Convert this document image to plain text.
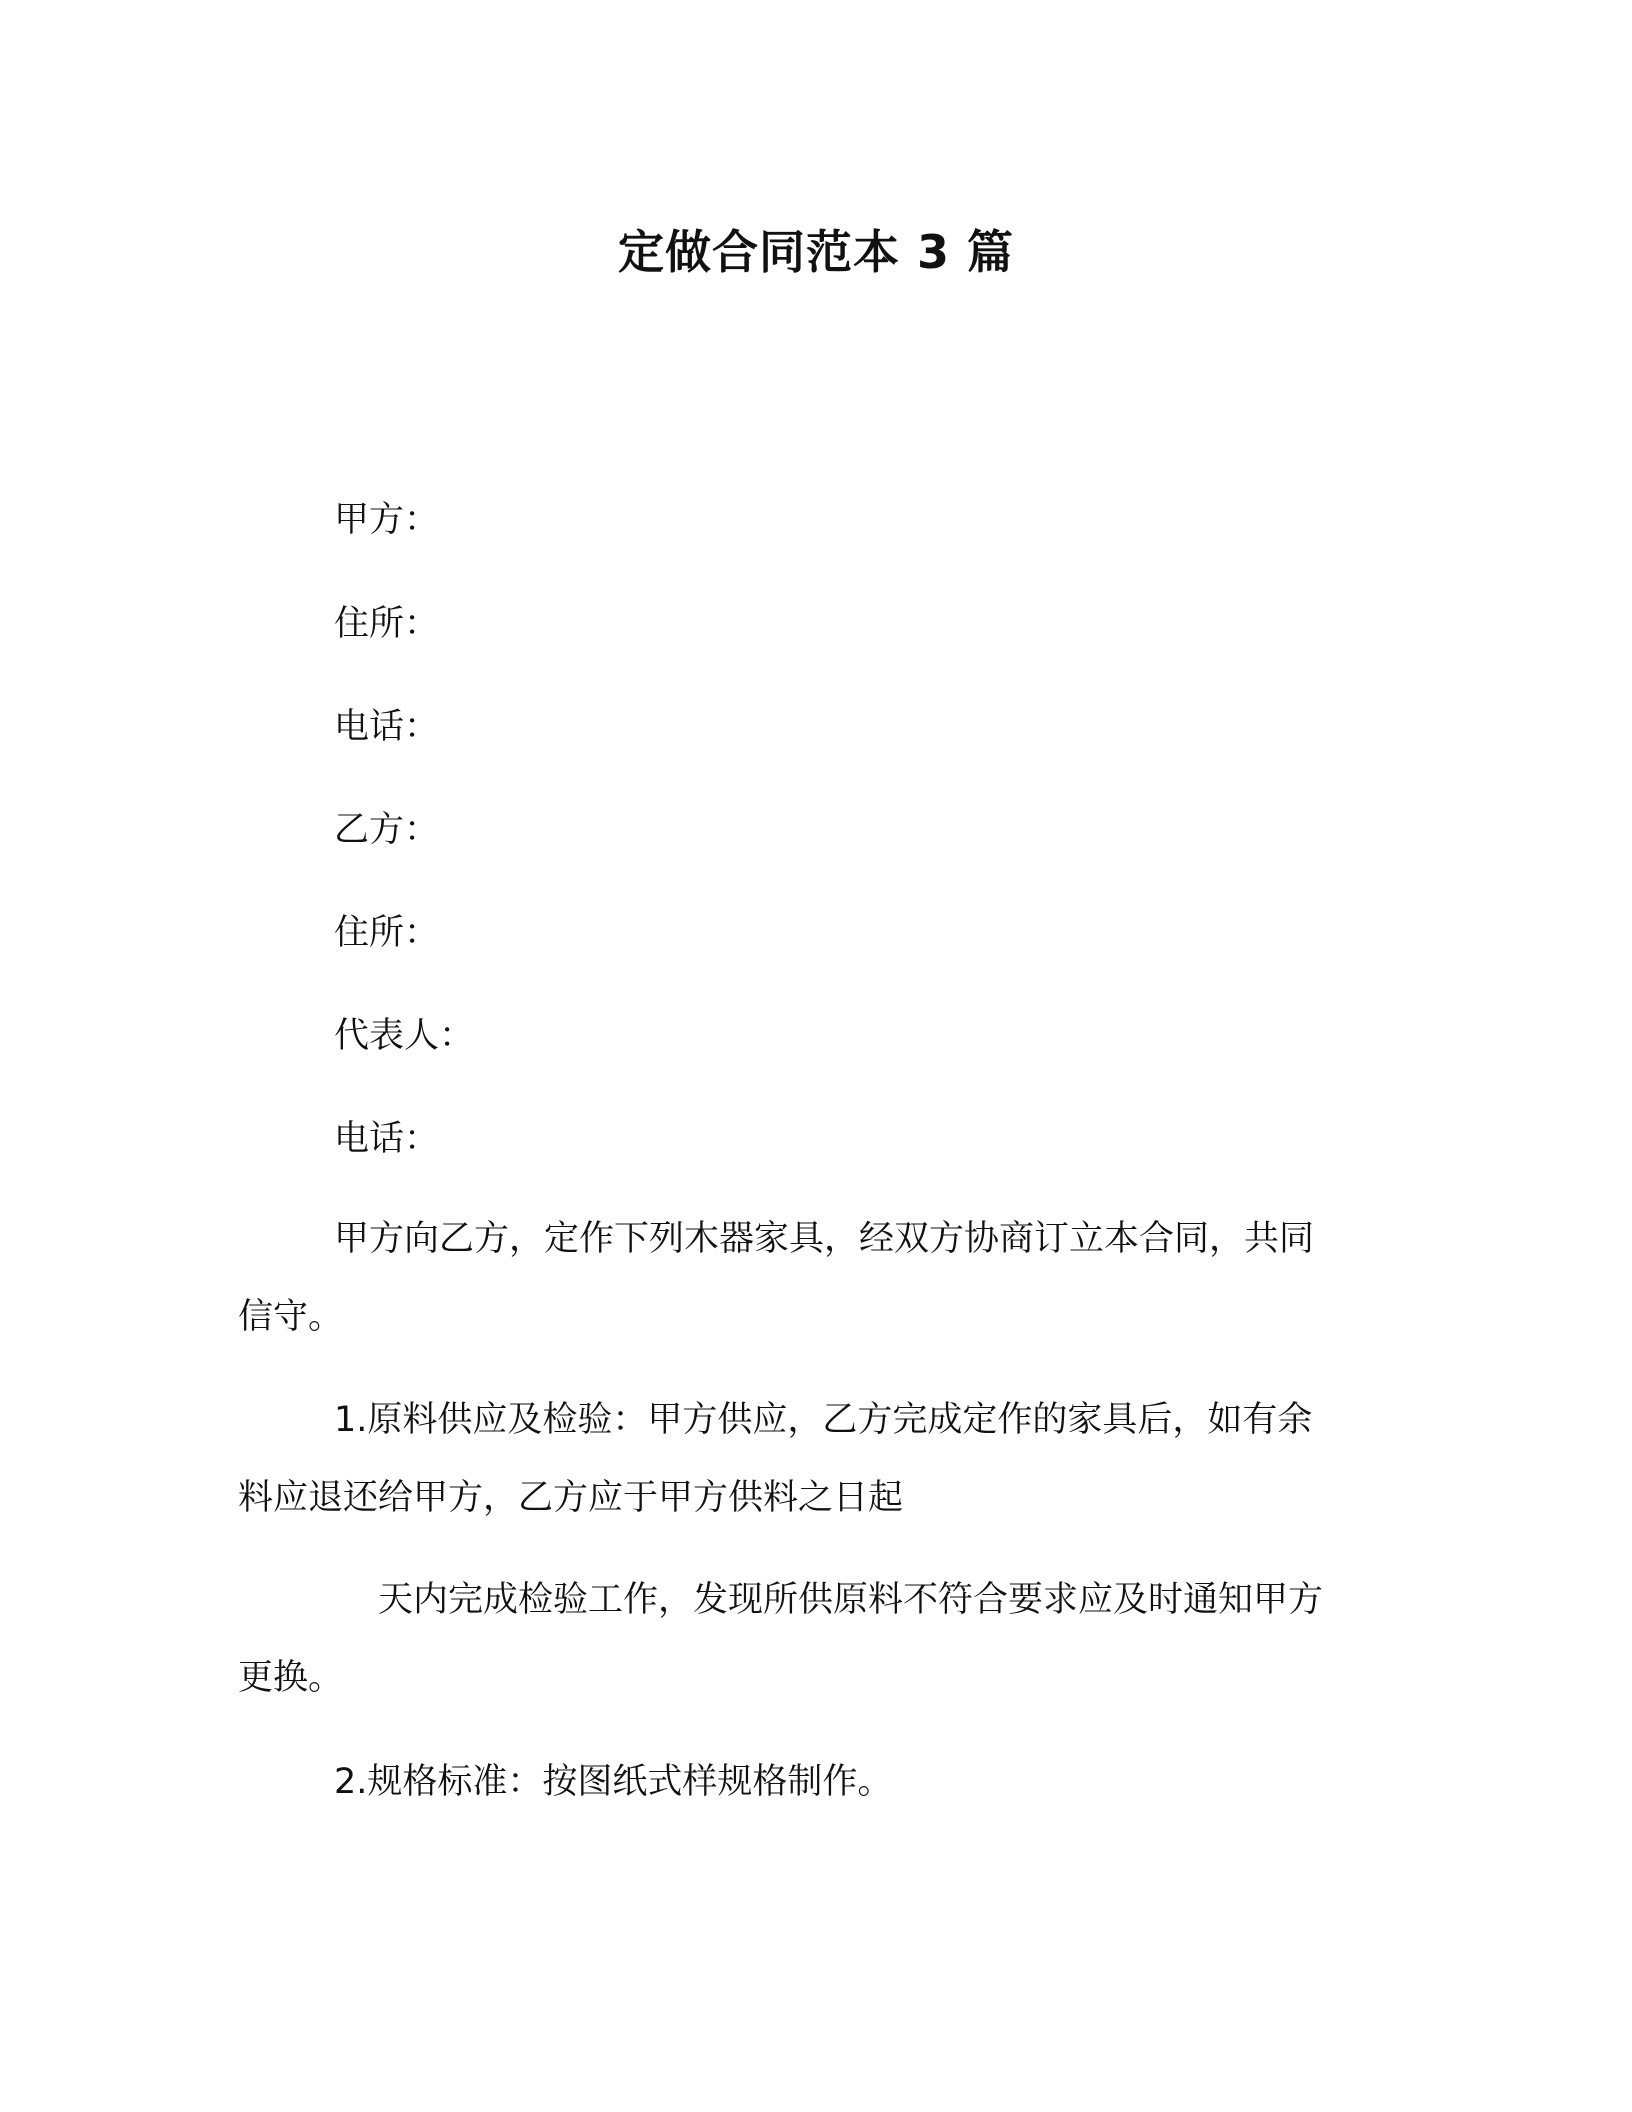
定做合同范本 3 篇
甲方：
住所：
电话：
乙方：
住所：
代表人：
电话：
甲方向乙方，定作下列木器家具，经双方协商订立本合同，共同
信守。
1.原料供应及检验：甲方供应，乙方完成定作的家具后，如有余
料应退还给甲方，乙方应于甲方供料之日起
天内完成检验工作，发现所供原料不符合要求应及时通知甲方
更换。
2.规格标准：按图纸式样规格制作。
